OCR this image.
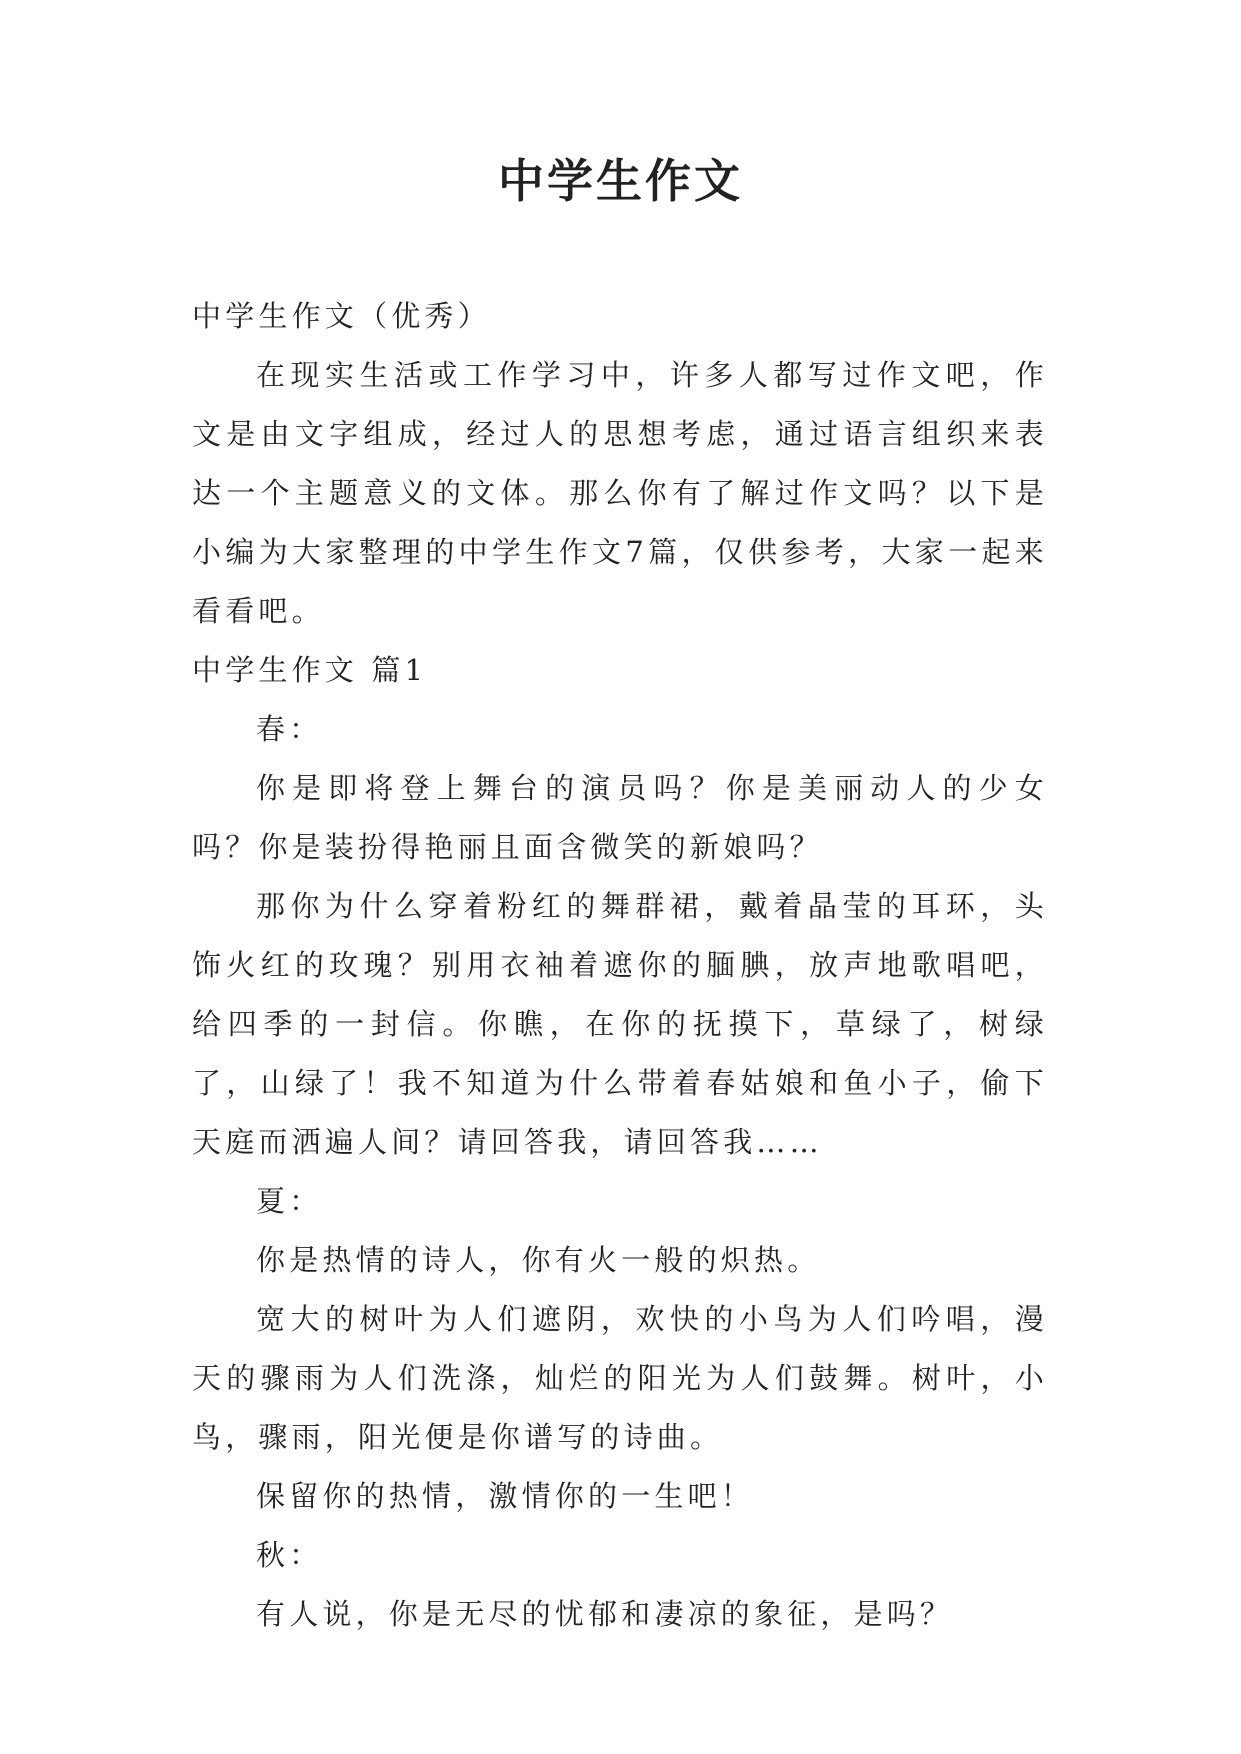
中学生作文

中学生作文（优秀）

在现实生活或工作学习中，许多人都写过作文吧，作文是由文字组成，经过人的思想考虑，通过语言组织来表达一个主题意义的文体。那么你有了解过作文吗？以下是小编为大家整理的中学生作文7篇，仅供参考，大家一起来看看吧。

中学生作文 篇1

春：

你是即将登上舞台的演员吗？你是美丽动人的少女吗？你是装扮得艳丽且面含微笑的新娘吗？

那你为什么穿着粉红的舞群裙，戴着晶莹的耳环，头饰火红的玫瑰？别用衣袖着遮你的腼腆，放声地歌唱吧，给四季的一封信。你瞧，在你的抚摸下，草绿了，树绿了，山绿了！我不知道为什么带着春姑娘和鱼小子，偷下天庭而洒遍人间？请回答我，请回答我……

夏：

你是热情的诗人，你有火一般的炽热。

宽大的树叶为人们遮阴，欢快的小鸟为人们吟唱，漫天的骤雨为人们洗涤，灿烂的阳光为人们鼓舞。树叶，小鸟，骤雨，阳光便是你谱写的诗曲。

保留你的热情，激情你的一生吧！

秋：

有人说，你是无尽的忧郁和凄凉的象征，是吗？
